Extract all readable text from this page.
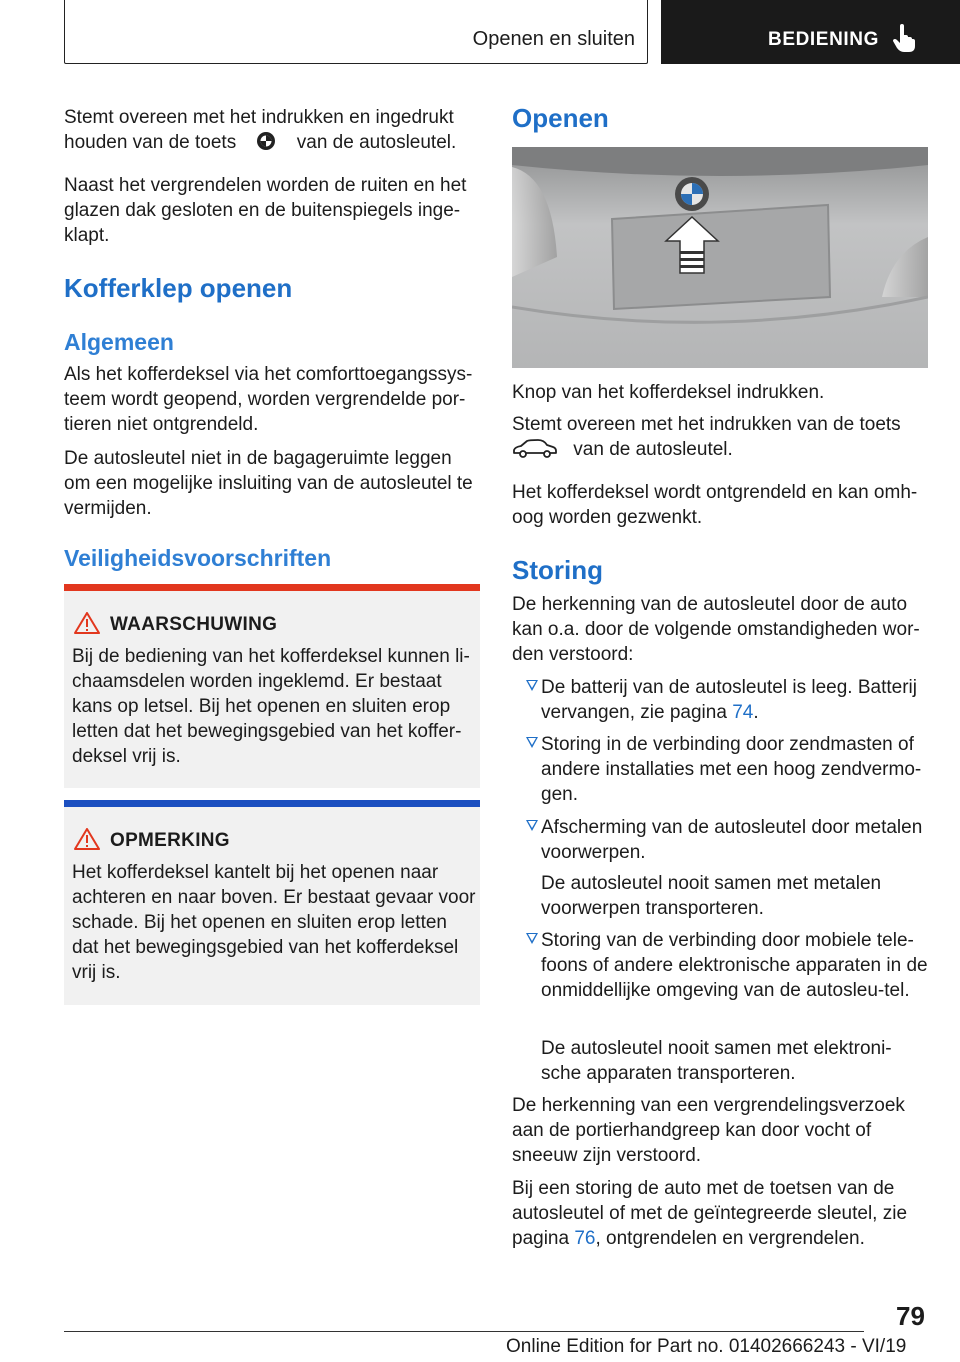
Openen en sluiten	BEDIENING
Stemt overeen met het indrukken en ingedrukt
houden van de toets	van de autosleutel.
Naast het vergrendelen worden de ruiten en het glazen dak gesloten en de buitenspiegels inge-klapt.
Kofferklep openen
Algemeen
Als het kofferdeksel via het comforttoegangssys-teem wordt geopend, worden vergrendelde por-tieren niet ontgrendeld.
De autosleutel niet in de bagageruimte leggen om een mogelijke insluiting van de autosleutel te vermijden.
Veiligheidsvoorschriften
WAARSCHUWING
Bij de bediening van het kofferdeksel kunnen li-chaamsdelen worden ingeklemd. Er bestaat kans op letsel. Bij het openen en sluiten erop letten dat het bewegingsgebied van het koffer-deksel vrij is.
OPMERKING
Het kofferdeksel kantelt bij het openen naar achteren en naar boven. Er bestaat gevaar voor schade. Bij het openen en sluiten erop letten dat het bewegingsgebied van het kofferdeksel vrij is.
Openen
Knop van het kofferdeksel indrukken.
Stemt overeen met het indrukken van de toets
van de autosleutel.
Het kofferdeksel wordt ontgrendeld en kan omh-oog worden gezwenkt.
Storing
De herkenning van de autosleutel door de auto kan o.a. door de volgende omstandigheden wor-den verstoord:
De batterij van de autosleutel is leeg. Batterij vervangen, zie pagina 74.
Storing in de verbinding door zendmasten of andere installaties met een hoog zendvermo-gen.
Afscherming van de autosleutel door metalen voorwerpen.
De autosleutel nooit samen met metalen voorwerpen transporteren.
Storing van de verbinding door mobiele tele-foons of andere elektronische apparaten in de onmiddellijke omgeving van de autosleu-tel.
De autosleutel nooit samen met elektroni-sche apparaten transporteren.
De herkenning van een vergrendelingsverzoek aan de portierhandgreep kan door vocht of sneeuw zijn verstoord.
Bij een storing de auto met de toetsen van de autosleutel of met de geïntegreerde sleutel, zie pagina 76, ontgrendelen en vergrendelen.
79
Online Edition for Part no. 01402666243 - VI/19
